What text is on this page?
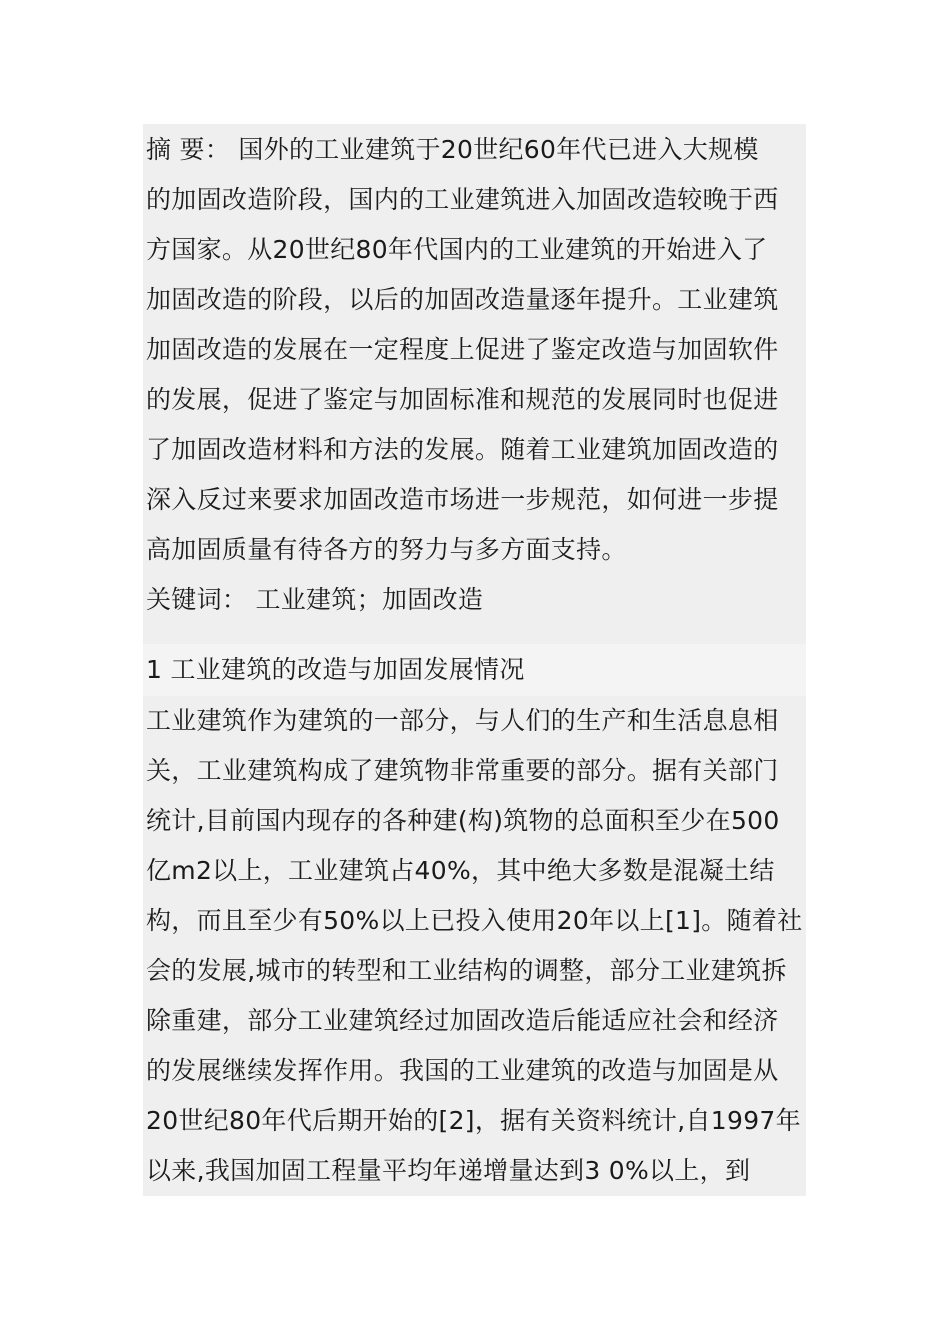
摘 要： 国外的工业建筑于20世纪60年代已进入大规模
的加固改造阶段，国内的工业建筑进入加固改造较晚于西
方国家。从20世纪80年代国内的工业建筑的开始进入了
加固改造的阶段，以后的加固改造量逐年提升。工业建筑
加固改造的发展在一定程度上促进了鉴定改造与加固软件
的发展，促进了鉴定与加固标准和规范的发展同时也促进
了加固改造材料和方法的发展。随着工业建筑加固改造的
深入反过来要求加固改造市场进一步规范，如何进一步提
高加固质量有待各方的努力与多方面支持。
关键词： 工业建筑；加固改造
1 工业建筑的改造与加固发展情况
工业建筑作为建筑的一部分，与人们的生产和生活息息相
关，工业建筑构成了建筑物非常重要的部分。据有关部门
统计,目前国内现存的各种建(构)筑物的总面积至少在500
亿m2以上，工业建筑占40%，其中绝大多数是混凝土结
构，而且至少有50%以上已投入使用20年以上[1]。随着社
会的发展,城市的转型和工业结构的调整，部分工业建筑拆
除重建，部分工业建筑经过加固改造后能适应社会和经济
的发展继续发挥作用。我国的工业建筑的改造与加固是从
20世纪80年代后期开始的[2]，据有关资料统计,自1997年
以来,我国加固工程量平均年递增量达到3 0%以上，到
